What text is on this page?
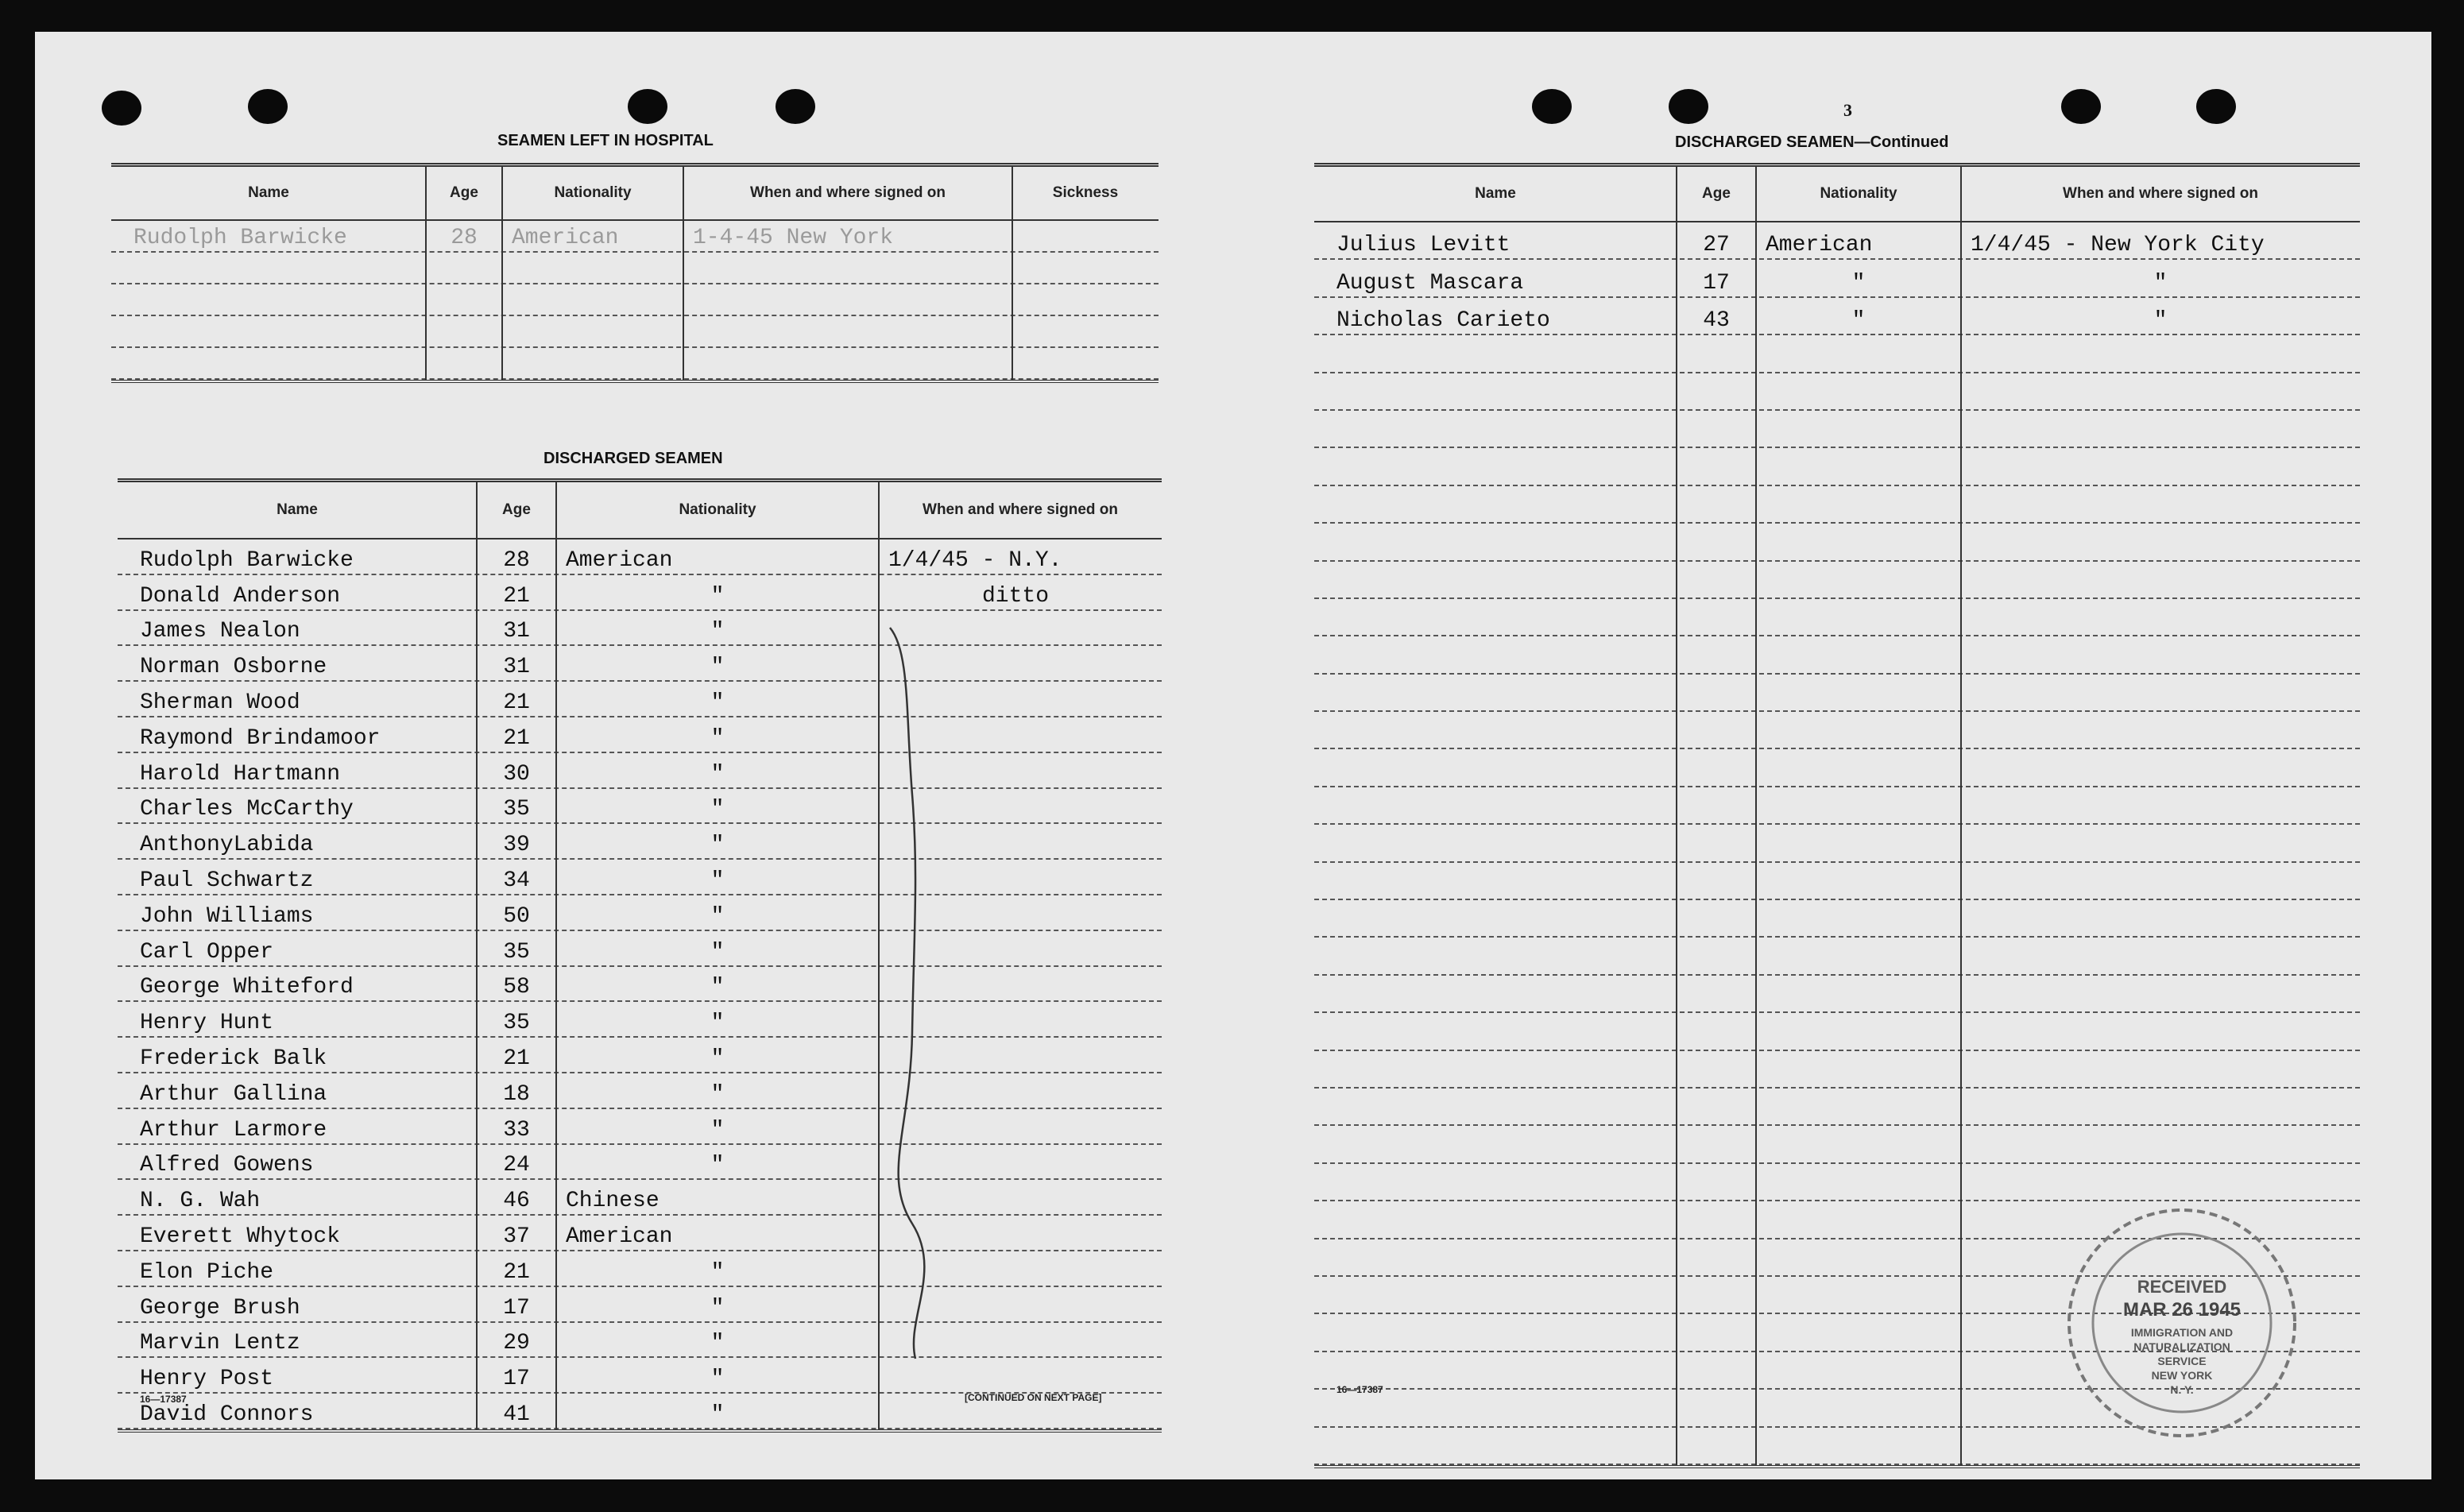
SEAMEN LEFT IN HOSPITAL
Name	Age	Nationality	When and where signed on	Sickness
Rudolph Barwicke	28	American	1-4-45 New York
DISCHARGED SEAMEN
Name	Age	Nationality	When and where signed on
Rudolph Barwicke	28	American	1/4/45 - N.Y.
Donald Anderson	21	"	ditto
James Nealon	31	"
Norman Osborne	31	"
Sherman Wood	21	"
Raymond Brindamoor	21	"
Harold Hartmann	30	"
Charles McCarthy	35	"
AnthonyLabida	39	"
Paul Schwartz	34	"
John Williams	50	"
Carl Opper	35	"
George Whiteford	58	"
Henry Hunt	35	"
Frederick Balk	21	"
Arthur Gallina	18	"
Arthur Larmore	33	"
Alfred Gowens	24	"
N. G. Wah	46	Chinese
Everett Whytock	37	American
Elon Piche	21	"
George Brush	17	"
Marvin Lentz	29	"
Henry Post	17	"
David Connors	41	"
16—17387	[CONTINUED ON NEXT PAGE]
3
DISCHARGED SEAMEN—Continued
Name	Age	Nationality	When and where signed on
Julius Levitt	27	American	1/4/45 - New York City
August Mascara	17	"	"
Nicholas Carieto	43	"	"
16—17387
RECEIVED
MAR 26 1945
IMMIGRATION AND
NATURALIZATION
SERVICE
NEW YORK
N. Y.
